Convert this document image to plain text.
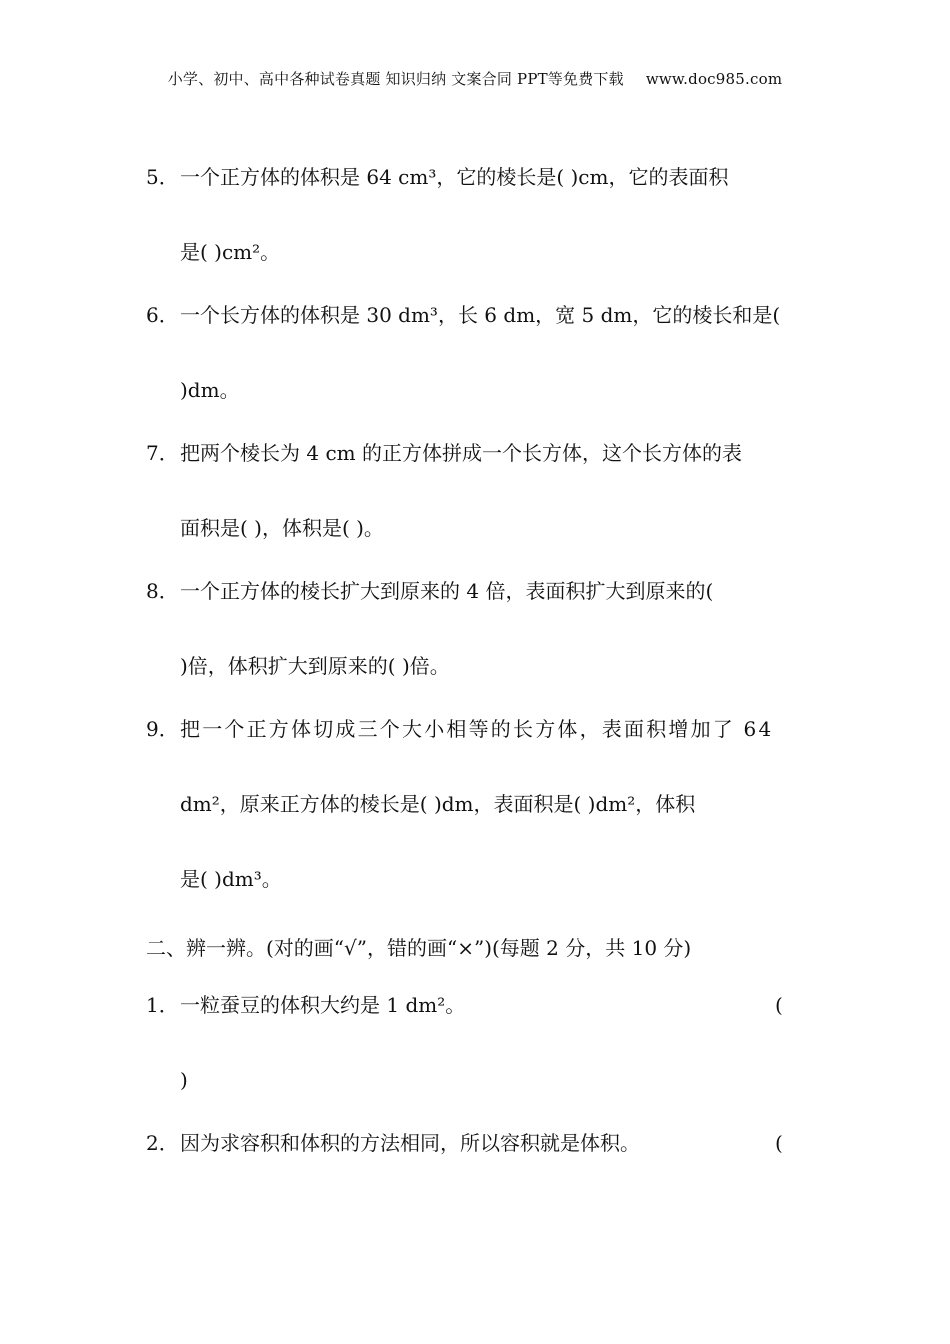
小学、初中、高中各种试卷真题 知识归纳 文案合同 PPT等免费下载 www.doc985.com
5． 一个正方体的体积是 64 cm³，它的棱长是( )cm，它的表面积
是( )cm²。
6． 一个长方体的体积是 30 dm³，长 6 dm，宽 5 dm，它的棱长和是(
)dm。
7． 把两个棱长为 4 cm 的正方体拼成一个长方体，这个长方体的表
面积是( )，体积是( )。
8． 一个正方体的棱长扩大到原来的 4 倍，表面积扩大到原来的(
)倍，体积扩大到原来的( )倍。
9． 把一个正方体切成三个大小相等的长方体，表面积增加了 64
dm²，原来正方体的棱长是( )dm，表面积是( )dm²，体积
是( )dm³。
二、辨一辨。(对的画“√”，错的画“×”)(每题 2 分，共 10 分)
1． 一粒蚕豆的体积大约是 1 dm²。	(
)
2． 因为求容积和体积的方法相同，所以容积就是体积。	(
